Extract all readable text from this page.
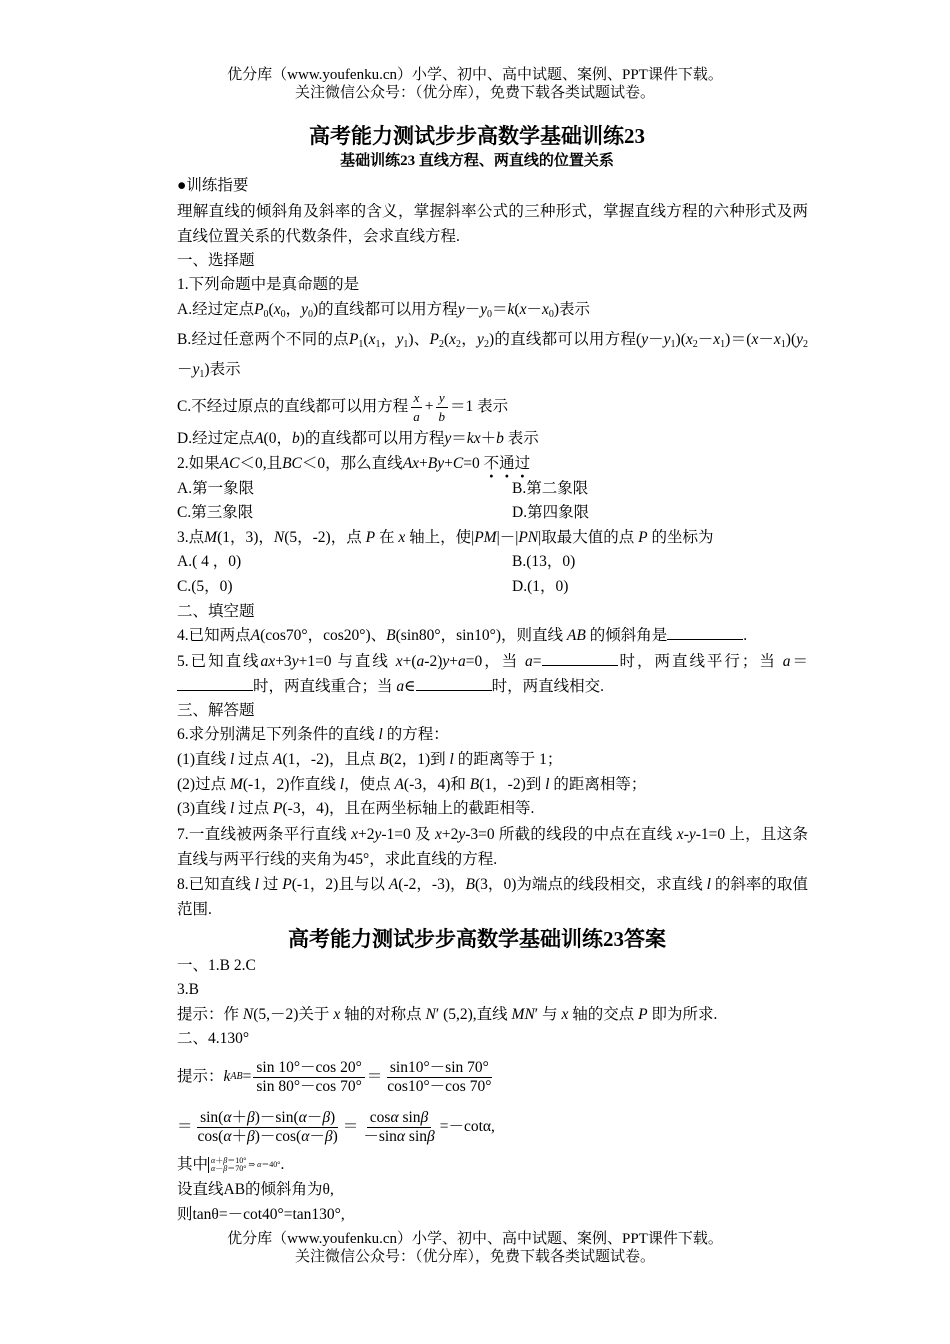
优分库（www.youfenku.cn）小学、初中、高中试题、案例、PPT课件下载。
关注微信公众号：（优分库），免费下载各类试题试卷。
高考能力测试步步高数学基础训练23

基础训练23 直线方程、两直线的位置关系

●训练指要

理解直线的倾斜角及斜率的含义，掌握斜率公式的三种形式，掌握直线方程的六种形式及两直线位置关系的代数条件，会求直线方程.

一、选择题

1.下列命题中是真命题的是

A.经过定点$P_0(x_0$，$y_0$)的直线都可以用方程$y-y_0=k(x-x_0)$表示

B.经过任意两个不同的点$P_1(x_1$，$y_1$)、$P_2(x_2$，$y_2$)的直线都可以用方程$(y-y_1)(x_2-x_1)=(x-x_1)(y_2-y_1)$表示

C.不经过原点的直线都可以用方程 $\frac{x}{a} + \frac{y}{b} =1$ 表示

D.经过定点A(0，b)的直线都可以用方程y＝kx＋b 表示

2.如果AC＜0,且BC＜0，那么直线Ax+By+C=0 不通过

A.第一象限	B.第二象限
C.第三象限	D.第四象限

3.点M(1，3)，N(5，-2)，点 P 在 x 轴上，使|PM|－|PN|取最大值的点 P 的坐标为

A.( 4 ，0)	B.(13，0)
C.(5，0)	D.(1，0)

二、填空题

4.已知两点A(cos70°，cos20°)、B(sin80°，sin10°)，则直线 AB 的倾斜角是	.

5.已知直线ax+3y+1=0 与直线 x+(a-2)y+a=0，当 a=	时，两直线平行；当 a＝时，两直线重合；当 a∈	时，两直线相交.

三、解答题

6.求分别满足下列条件的直线 l 的方程：

(1)直线 l 过点 A(1，-2)，且点 B(2，1)到 l 的距离等于 1；

(2)过点 M(-1，2)作直线 l，使点 A(-3，4)和 B(1，-2)到 l 的距离相等；

(3)直线 l 过点 P(-3，4)，且在两坐标轴上的截距相等.

7.一直线被两条平行直线 x+2y-1=0 及 x+2y-3=0 所截的线段的中点在直线 x-y-1=0 上，且这条直线与两平行线的夹角为45°，求此直线的方程.

8.已知直线 l 过 P(-1，2)且与以 A(-2，-3)，B(3，0)为端点的线段相交，求直线 l 的斜率的取值范围.

高考能力测试步步高数学基础训练23答案

一、1.B 2.C

3.B

提示：作 N(5,－2)关于 x 轴的对称点 N′ (5,2),直线 MN′ 与 x 轴的交点 P 即为所求.

二、4.130°

提示： k AB = $\frac{\sin 10^\circ-\cos 20^\circ}{\sin 80^\circ-\cos 70^\circ} = \frac{\sin 10^\circ-\sin 70^\circ}{\cos 10^\circ-\cos 70^\circ}$
＝ $\frac{\sin(\alpha+\beta)-\sin(\alpha-\beta)}{\cos(\alpha+\beta)-\cos(\alpha-\beta)} = \frac{\text{cosα sinβ}}{\text{－sinα sinβ}} =-\cot\alpha$,
其中 α＋β＝10°
α－β＝70° ⇒ α＝40° .

设直线AB的倾斜角为θ,

则tanθ=－cot40°=tan130°,

优分库（www.youfenku.cn）小学、初中、高中试题、案例、PPT课件下载。
关注微信公众号：（优分库），免费下载各类试题试卷。
